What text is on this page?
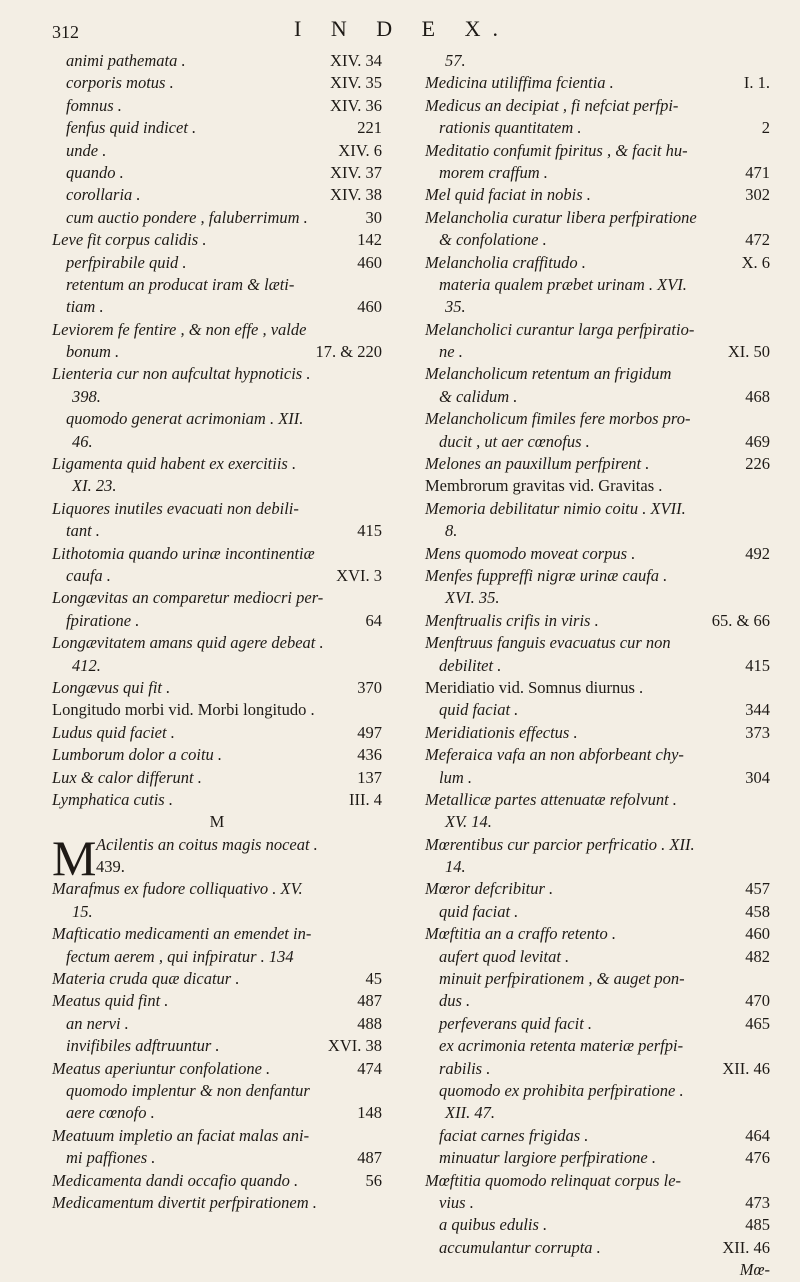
312	I N D E X.
animi pathemata .	XIV. 34
corporis motus .	XIV. 35
fomnus .	XIV. 36
fenfus quid indicet .	221
unde .	XIV. 6
quando .	XIV. 37
corollaria .	XIV. 38
cum auctio pondere , faluberrimum .	30
Leve fit corpus calidis .	142
perfpirabile quid .	460
retentum an producat iram & læti-
tiam .	460
Leviorem fe fentire , & non effe , valde
bonum .	17. & 220
Lienteria cur non aufcultat hypnoticis .
398.
quomodo generat acrimoniam . XII.
46.
Ligamenta quid habent ex exercitiis .
XI. 23.
Liquores inutiles evacuati non debili-
tant .	415
Lithotomia quando urinæ incontinentiæ
caufa .	XVI. 3
Longævitas an comparetur mediocri per-
fpiratione .	64
Longævitatem amans quid agere debeat .
412.
Longævus qui fit .	370
Longitudo morbi vid. Morbi longitudo .
Ludus quid faciet .	497
Lumborum dolor a coitu .	436
Lux & calor differunt .	137
Lymphatica cutis .	III. 4
M
M Acilentis an coitus magis noceat .
439.
Marafmus ex fudore colliquativo . XV.
15.
Mafticatio medicamenti an emendet in-
fectum aerem , qui infpiratur . 134
Materia cruda quæ dicatur .	45
Meatus quid fint .	487
an nervi .	488
invifibiles adftruuntur .	XVI. 38
Meatus aperiuntur confolatione .	474
quomodo implentur & non denfantur
aere cœnofo .	148
Meatuum impletio an faciat malas ani-
mi paffiones .	487
Medicamenta dandi occafio quando .	56
Medicamentum divertit perfpirationem .
57.
Medicina utiliffima fcientia .	I. 1.
Medicus an decipiat , fi nefciat perfpi-
rationis quantitatem .	2
Meditatio confumit fpiritus , & facit hu-
morem craffum .	471
Mel quid faciat in nobis .	302
Melancholia curatur libera perfpiratione
& confolatione .	472
Melancholia craffitudo .	X. 6
materia qualem præbet urinam . XVI.
35.
Melancholici curantur larga perfpiratio-
ne .	XI. 50
Melancholicum retentum an frigidum
& calidum .	468
Melancholicum fimiles fere morbos pro-
ducit , ut aer cœnofus .	469
Melones an pauxillum perfpirent .	226
Membrorum gravitas vid. Gravitas .
Memoria debilitatur nimio coitu . XVII.
8.
Mens quomodo moveat corpus .	492
Menfes fuppreffi nigræ urinæ caufa .
XVI. 35.
Menftrualis crifis in viris .	65. & 66
Menftruus fanguis evacuatus cur non
debilitet .	415
Meridiatio vid. Somnus diurnus .
quid faciat .	344
Meridiationis effectus .	373
Meferaica vafa an non abforbeant chy-
lum .	304
Metallicæ partes attenuatæ refolvunt .
XV. 14.
Mœrentibus cur parcior perfricatio . XII.
14.
Mœror defcribitur .	457
quid faciat .	458
Mœftitia an a craffo retento .	460
aufert quod levitat .	482
minuit perfpirationem , & auget pon-
dus .	470
perfeverans quid facit .	465
ex acrimonia retenta materiæ perfpi-
rabilis .	XII. 46
quomodo ex prohibita perfpiratione .
XII. 47.
faciat carnes frigidas .	464
minuatur largiore perfpiratione .	476
Mœftitia quomodo relinquat corpus le-
vius .	473
a quibus edulis .	485
accumulantur corrupta .	XII. 46
Mœ-
